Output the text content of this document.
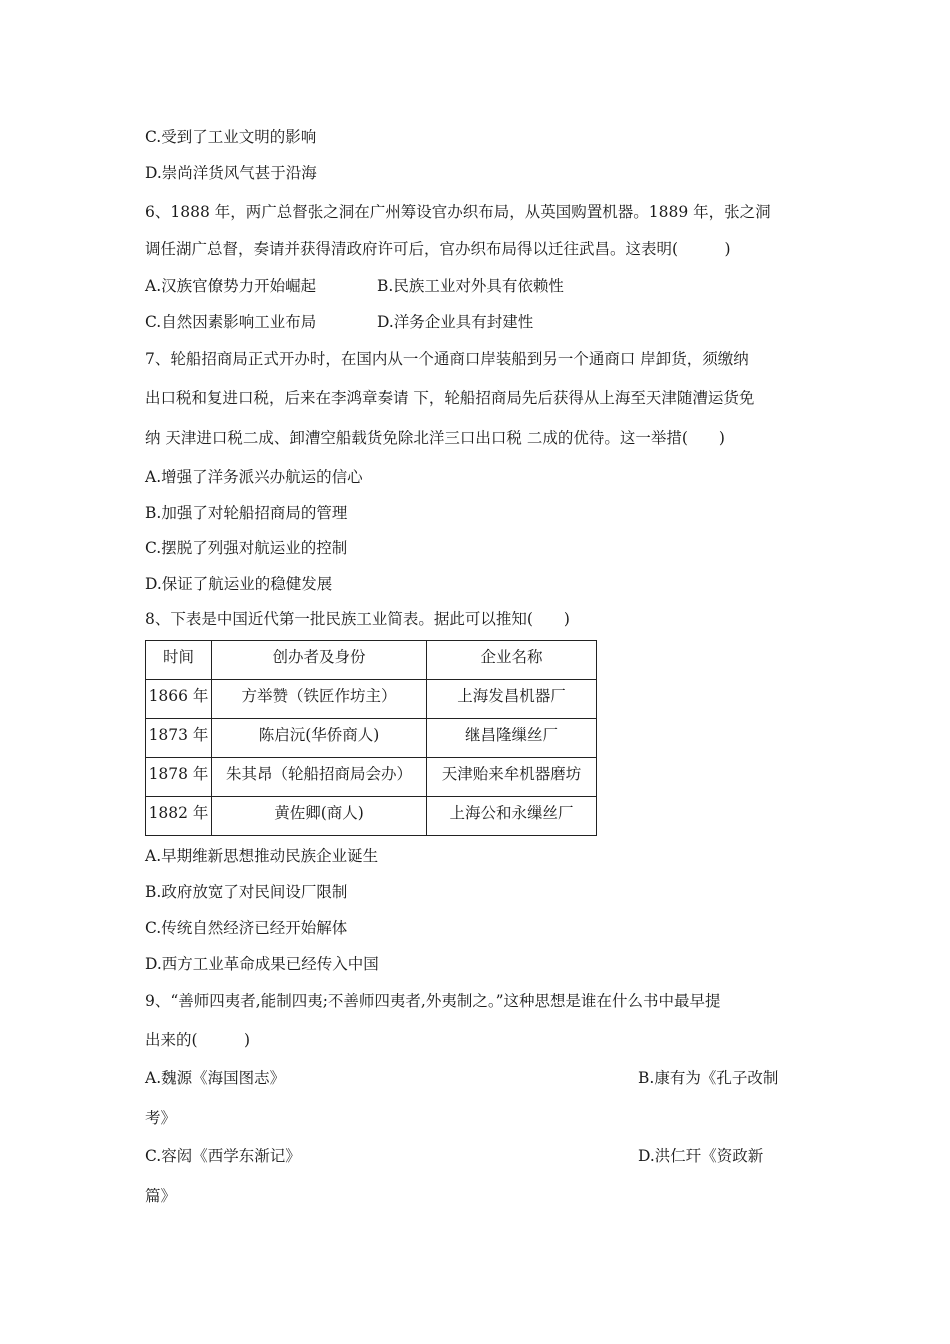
C.受到了工业文明的影响
D.崇尚洋货风气甚于沿海
6、1888 年，两广总督张之洞在广州筹设官办织布局，从英国购置机器。1889 年，张之洞
调任湖广总督，奏请并获得清政府许可后，官办织布局得以迁往武昌。这表明(　　　)
A.汉族官僚势力开始崛起	B.民族工业对外具有依赖性
C.自然因素影响工业布局	D.洋务企业具有封建性
7、轮船招商局正式开办时，在国内从一个通商口岸装船到另一个通商口 岸卸货，须缴纳
出口税和复进口税，后来在李鸿章奏请 下，轮船招商局先后获得从上海至天津随漕运货免
纳 天津进口税二成、卸漕空船载货免除北洋三口出口税 二成的优待。这一举措(　　)
A.增强了洋务派兴办航运的信心
B.加强了对轮船招商局的管理
C.摆脱了列强对航运业的控制
D.保证了航运业的稳健发展
8、下表是中国近代第一批民族工业简表。据此可以推知(　　)
时间	创办者及身份	企业名称
1866 年	方举赞（铁匠作坊主）	上海发昌机器厂
1873 年	陈启沅(华侨商人)	继昌隆缫丝厂
1878 年	朱其昂（轮船招商局会办）	天津贻来牟机器磨坊
1882 年	黄佐卿(商人)	上海公和永缫丝厂
A.早期维新思想推动民族企业诞生
B.政府放宽了对民间设厂限制
C.传统自然经济已经开始解体
D.西方工业革命成果已经传入中国
9、“善师四夷者,能制四夷;不善师四夷者,外夷制之。”这种思想是谁在什么书中最早提
出来的(　　　)
A.魏源《海国图志》	B.康有为《孔子改制
考》
C.容闳《西学东渐记》	D.洪仁玕《资政新
篇》
